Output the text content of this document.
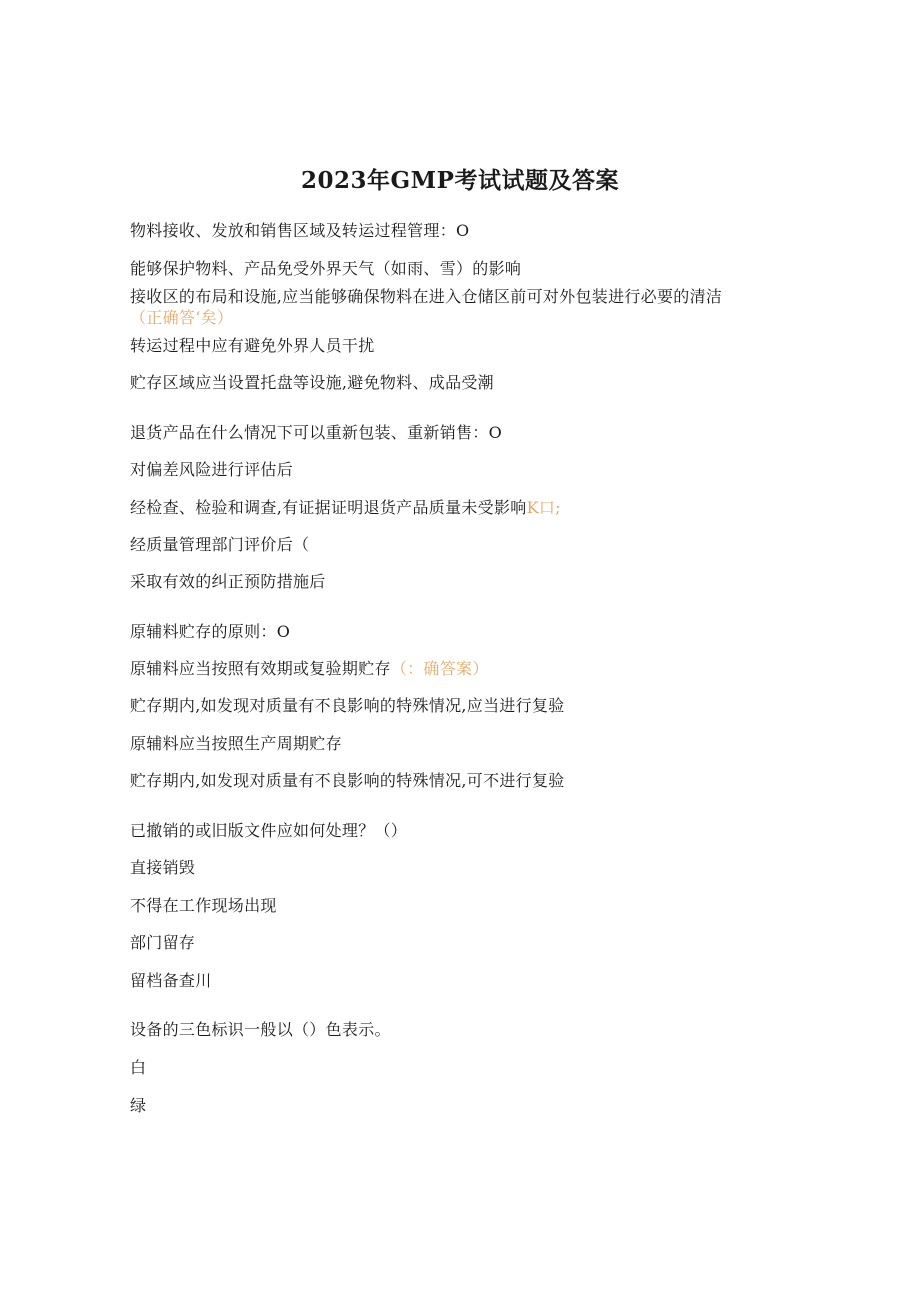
2023年GMP考试试题及答案
物料接收、发放和销售区域及转运过程管理：O
能够保护物料、产品免受外界天气（如雨、雪）的影响
接收区的布局和设施,应当能够确保物料在进入仓储区前可对外包装进行必要的清洁
（正确答‘矣）
转运过程中应有避免外界人员干扰
贮存区域应当设置托盘等设施,避免物料、成品受潮
退货产品在什么情况下可以重新包装、重新销售：O
对偏差风险进行评估后
经检查、检验和调查,有证据证明退货产品质量未受影响K口;
经质量管理部门评价后（
采取有效的纠正预防措施后
原辅料贮存的原则：O
原辅料应当按照有效期或复验期贮存（：确答案）
贮存期内,如发现对质量有不良影响的特殊情况,应当进行复验
原辅料应当按照生产周期贮存
贮存期内,如发现对质量有不良影响的特殊情况,可不进行复验
已撤销的或旧版文件应如何处理？（）
直接销毁
不得在工作现场出现
部门留存
留档备查川
设备的三色标识一般以（）色表示。
白
绿
